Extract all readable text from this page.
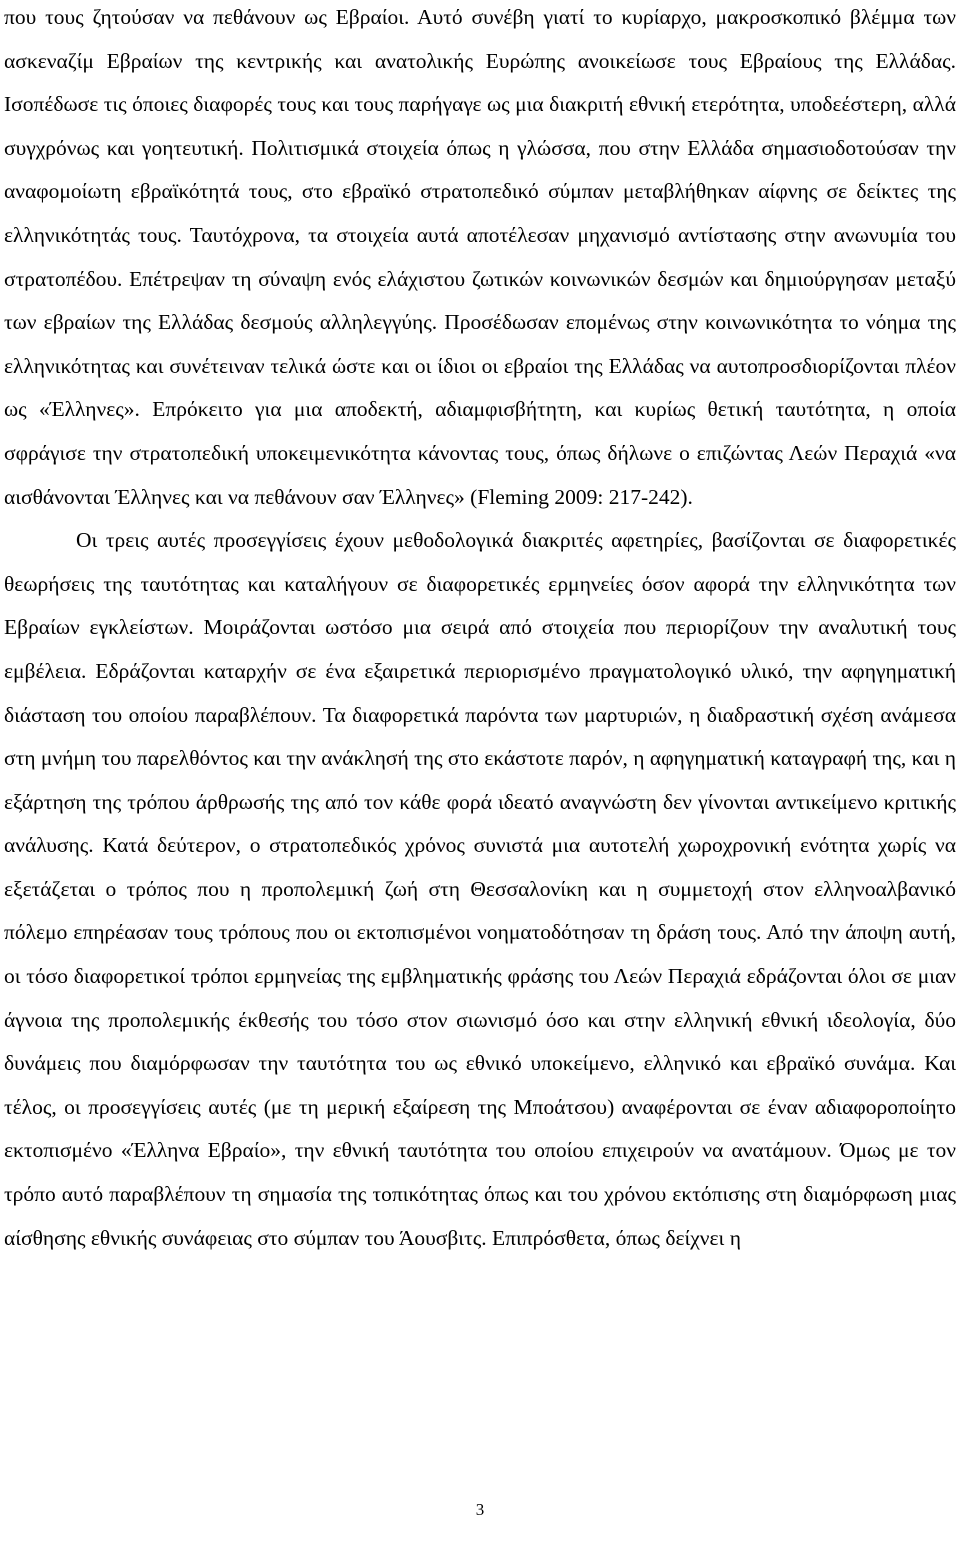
που τους ζητούσαν να πεθάνουν ως Εβραίοι. Αυτό συνέβη γιατί το κυρίαρχο, μακροσκοπικό βλέμμα των ασκεναζίμ Εβραίων της κεντρικής και ανατολικής Ευρώπης ανοικείωσε τους Εβραίους της Ελλάδας. Ισοπέδωσε τις όποιες διαφορές τους και τους παρήγαγε ως μια διακριτή εθνική ετερότητα, υποδεέστερη, αλλά συγχρόνως και γοητευτική. Πολιτισμικά στοιχεία όπως η γλώσσα, που στην Ελλάδα σημασιοδοτούσαν την αναφομοίωτη εβραϊκότητά τους, στο εβραϊκό στρατοπεδικό σύμπαν μεταβλήθηκαν αίφνης σε δείκτες της ελληνικότητάς τους. Ταυτόχρονα, τα στοιχεία αυτά αποτέλεσαν μηχανισμό αντίστασης στην ανωνυμία του στρατοπέδου. Επέτρεψαν τη σύναψη ενός ελάχιστου ζωτικών κοινωνικών δεσμών και δημιούργησαν μεταξύ των εβραίων της Ελλάδας δεσμούς αλληλεγγύης. Προσέδωσαν επομένως στην κοινωνικότητα το νόημα της ελληνικότητας και συνέτειναν τελικά ώστε και οι ίδιοι οι εβραίοι της Ελλάδας να αυτοπροσδιορίζονται πλέον ως «Έλληνες». Επρόκειτο για μια αποδεκτή, αδιαμφισβήτητη, και κυρίως θετική ταυτότητα, η οποία σφράγισε την στρατοπεδική υποκειμενικότητα κάνοντας τους, όπως δήλωνε ο επιζώντας Λεών Περαχιά «να αισθάνονται Έλληνες και να πεθάνουν σαν Έλληνες» (Fleming 2009: 217-242).

Οι τρεις αυτές προσεγγίσεις έχουν μεθοδολογικά διακριτές αφετηρίες, βασίζονται σε διαφορετικές θεωρήσεις της ταυτότητας και καταλήγουν σε διαφορετικές ερμηνείες όσον αφορά την ελληνικότητα των Εβραίων εγκλείστων. Μοιράζονται ωστόσο μια σειρά από στοιχεία που περιορίζουν την αναλυτική τους εμβέλεια. Εδράζονται καταρχήν σε ένα εξαιρετικά περιορισμένο πραγματολογικό υλικό, την αφηγηματική διάσταση του οποίου παραβλέπουν. Τα διαφορετικά παρόντα των μαρτυριών, η διαδραστική σχέση ανάμεσα στη μνήμη του παρελθόντος και την ανάκλησή της στο εκάστοτε παρόν, η αφηγηματική καταγραφή της, και η εξάρτηση της τρόπου άρθρωσής της από τον κάθε φορά ιδεατό αναγνώστη δεν γίνονται αντικείμενο κριτικής ανάλυσης. Κατά δεύτερον, ο στρατοπεδικός χρόνος συνιστά μια αυτοτελή χωροχρονική ενότητα χωρίς να εξετάζεται ο τρόπος που η προπολεμική ζωή στη Θεσσαλονίκη και η συμμετοχή στον ελληνοαλβανικό πόλεμο επηρέασαν τους τρόπους που οι εκτοπισμένοι νοηματοδότησαν τη δράση τους. Από την άποψη αυτή, οι τόσο διαφορετικοί τρόποι ερμηνείας της εμβληματικής φράσης του Λεών Περαχιά εδράζονται όλοι σε μιαν άγνοια της προπολεμικής έκθεσής του τόσο στον σιωνισμό όσο και στην ελληνική εθνική ιδεολογία, δύο δυνάμεις που διαμόρφωσαν την ταυτότητα του ως εθνικό υποκείμενο, ελληνικό και εβραϊκό συνάμα. Και τέλος, οι προσεγγίσεις αυτές (με τη μερική εξαίρεση της Μποάτσου) αναφέρονται σε έναν αδιαφοροποίητο εκτοπισμένο «Έλληνα Εβραίο», την εθνική ταυτότητα του οποίου επιχειρούν να ανατάμουν. Όμως με τον τρόπο αυτό παραβλέπουν τη σημασία της τοπικότητας όπως και του χρόνου εκτόπισης στη διαμόρφωση μιας αίσθησης εθνικής συνάφειας στο σύμπαν του Άουσβιτς. Επιπρόσθετα, όπως δείχνει η

3
